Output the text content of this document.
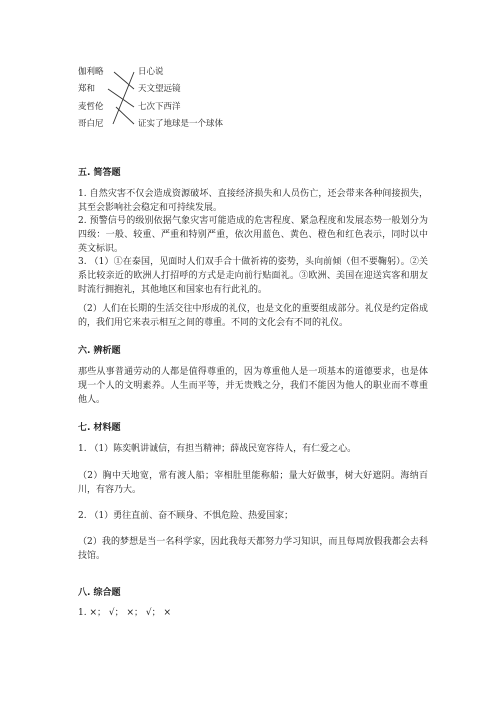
伽利略
郑和
麦哲伦
哥白尼
日心说
天文望远镜
七次下西洋
证实了地球是一个球体
五. 简答题
1. 自然灾害不仅会造成资源破坏、直接经济损失和人员伤亡，还会带来各种间接损失，其至会影响社会稳定和可持续发展。
2. 预警信号的级别依据气象灾害可能造成的危害程度、紧急程度和发展态势一般划分为四级：一般、较重、严重和特别严重，依次用蓝色、黄色、橙色和红色表示，同时以中英文标识。
3. （1）①在泰国，见面时人们双手合十做祈祷的姿势，头向前倾（但不要鞠躬）。②关系比较亲近的欧洲人打招呼的方式是走向前行贴面礼。③欧洲、美国在迎送宾客和朋友时流行拥抱礼，其他地区和国家也有行此礼的。
（2）人们在长期的生活交往中形成的礼仪，也是文化的重要组成部分。礼仪是约定俗成的，我们用它来表示相互之间的尊重。不同的文化会有不同的礼仪。
六. 辨析题
那些从事普通劳动的人都是值得尊重的，因为尊重他人是一项基本的道德要求，也是体现一个人的文明素养。人生而平等，并无贵贱之分，我们不能因为他人的职业而不尊重他人。
七. 材料题
1. （1）陈奕帆讲诚信，有担当精神；薛战民宽容待人，有仁爱之心。
（2）胸中天地宽，常有渡人船；宰相肚里能称船；量大好做事，树大好遮阴。海纳百川，有容乃大。
2. （1）勇往直前、奋不顾身、不惧危险、热爱国家；
（2）我的梦想是当一名科学家，因此我每天都努力学习知识，而且每周放假我都会去科技馆。
八. 综合题
1. ×； √； ×； √； ×
